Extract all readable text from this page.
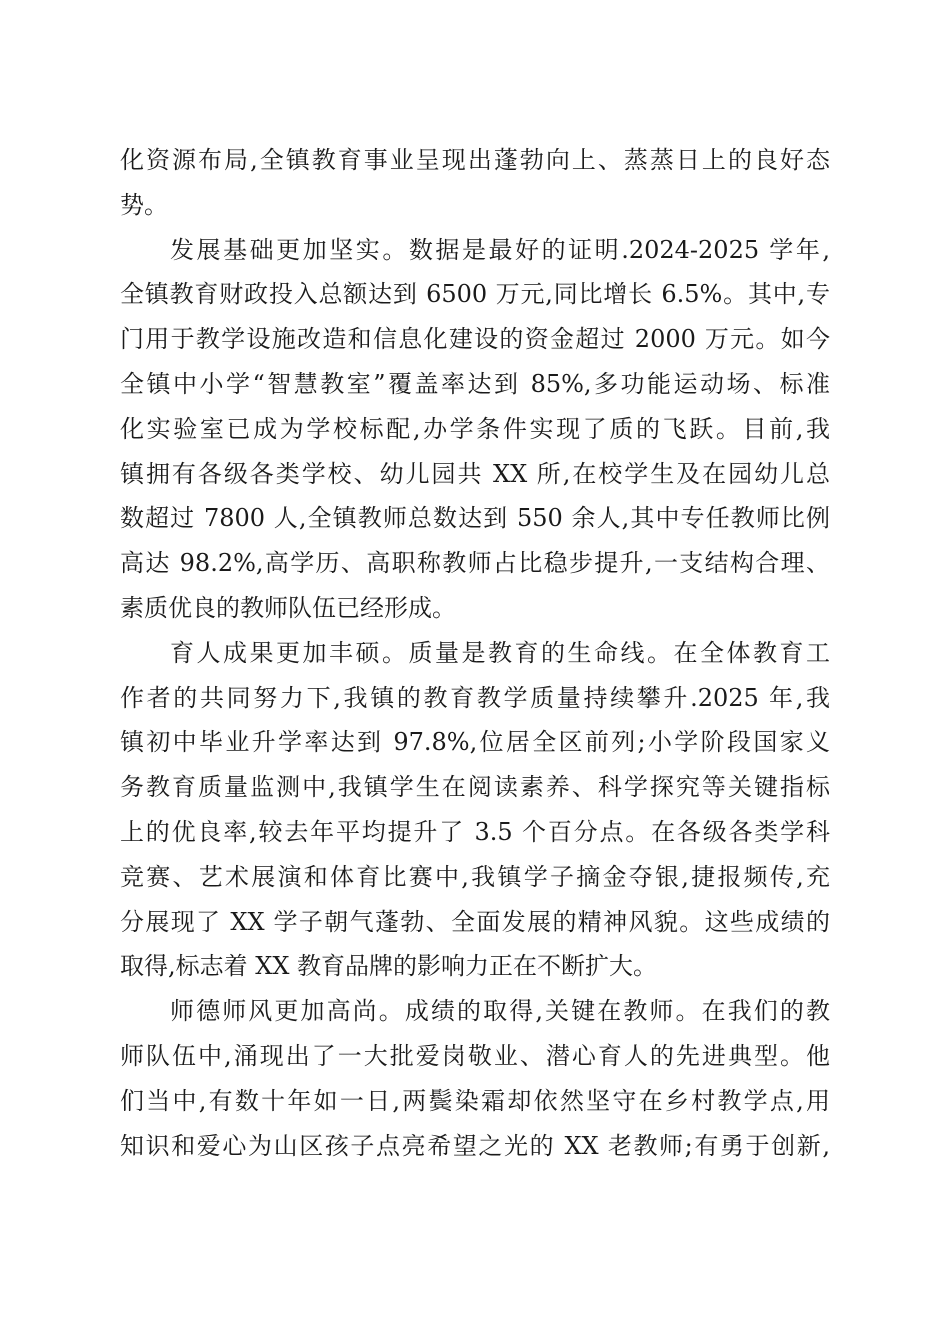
化资源布局,全镇教育事业呈现出蓬勃向上、蒸蒸日上的良好态
势。
发展基础更加坚实。数据是最好的证明.2024-2025 学年,
全镇教育财政投入总额达到 6500 万元,同比增长 6.5%。其中,专
门用于教学设施改造和信息化建设的资金超过 2000 万元。如今
全镇中小学“智慧教室”覆盖率达到 85%,多功能运动场、标准
化实验室已成为学校标配,办学条件实现了质的飞跃。目前,我
镇拥有各级各类学校、幼儿园共 XX 所,在校学生及在园幼儿总
数超过 7800 人,全镇教师总数达到 550 余人,其中专任教师比例
高达 98.2%,高学历、高职称教师占比稳步提升,一支结构合理、
素质优良的教师队伍已经形成。
育人成果更加丰硕。质量是教育的生命线。在全体教育工
作者的共同努力下,我镇的教育教学质量持续攀升.2025 年,我
镇初中毕业升学率达到 97.8%,位居全区前列;小学阶段国家义
务教育质量监测中,我镇学生在阅读素养、科学探究等关键指标
上的优良率,较去年平均提升了 3.5 个百分点。在各级各类学科
竞赛、艺术展演和体育比赛中,我镇学子摘金夺银,捷报频传,充
分展现了 XX 学子朝气蓬勃、全面发展的精神风貌。这些成绩的
取得,标志着 XX 教育品牌的影响力正在不断扩大。
师德师风更加高尚。成绩的取得,关键在教师。在我们的教
师队伍中,涌现出了一大批爱岗敬业、潜心育人的先进典型。他
们当中,有数十年如一日,两鬓染霜却依然坚守在乡村教学点,用
知识和爱心为山区孩子点亮希望之光的 XX 老教师;有勇于创新,
